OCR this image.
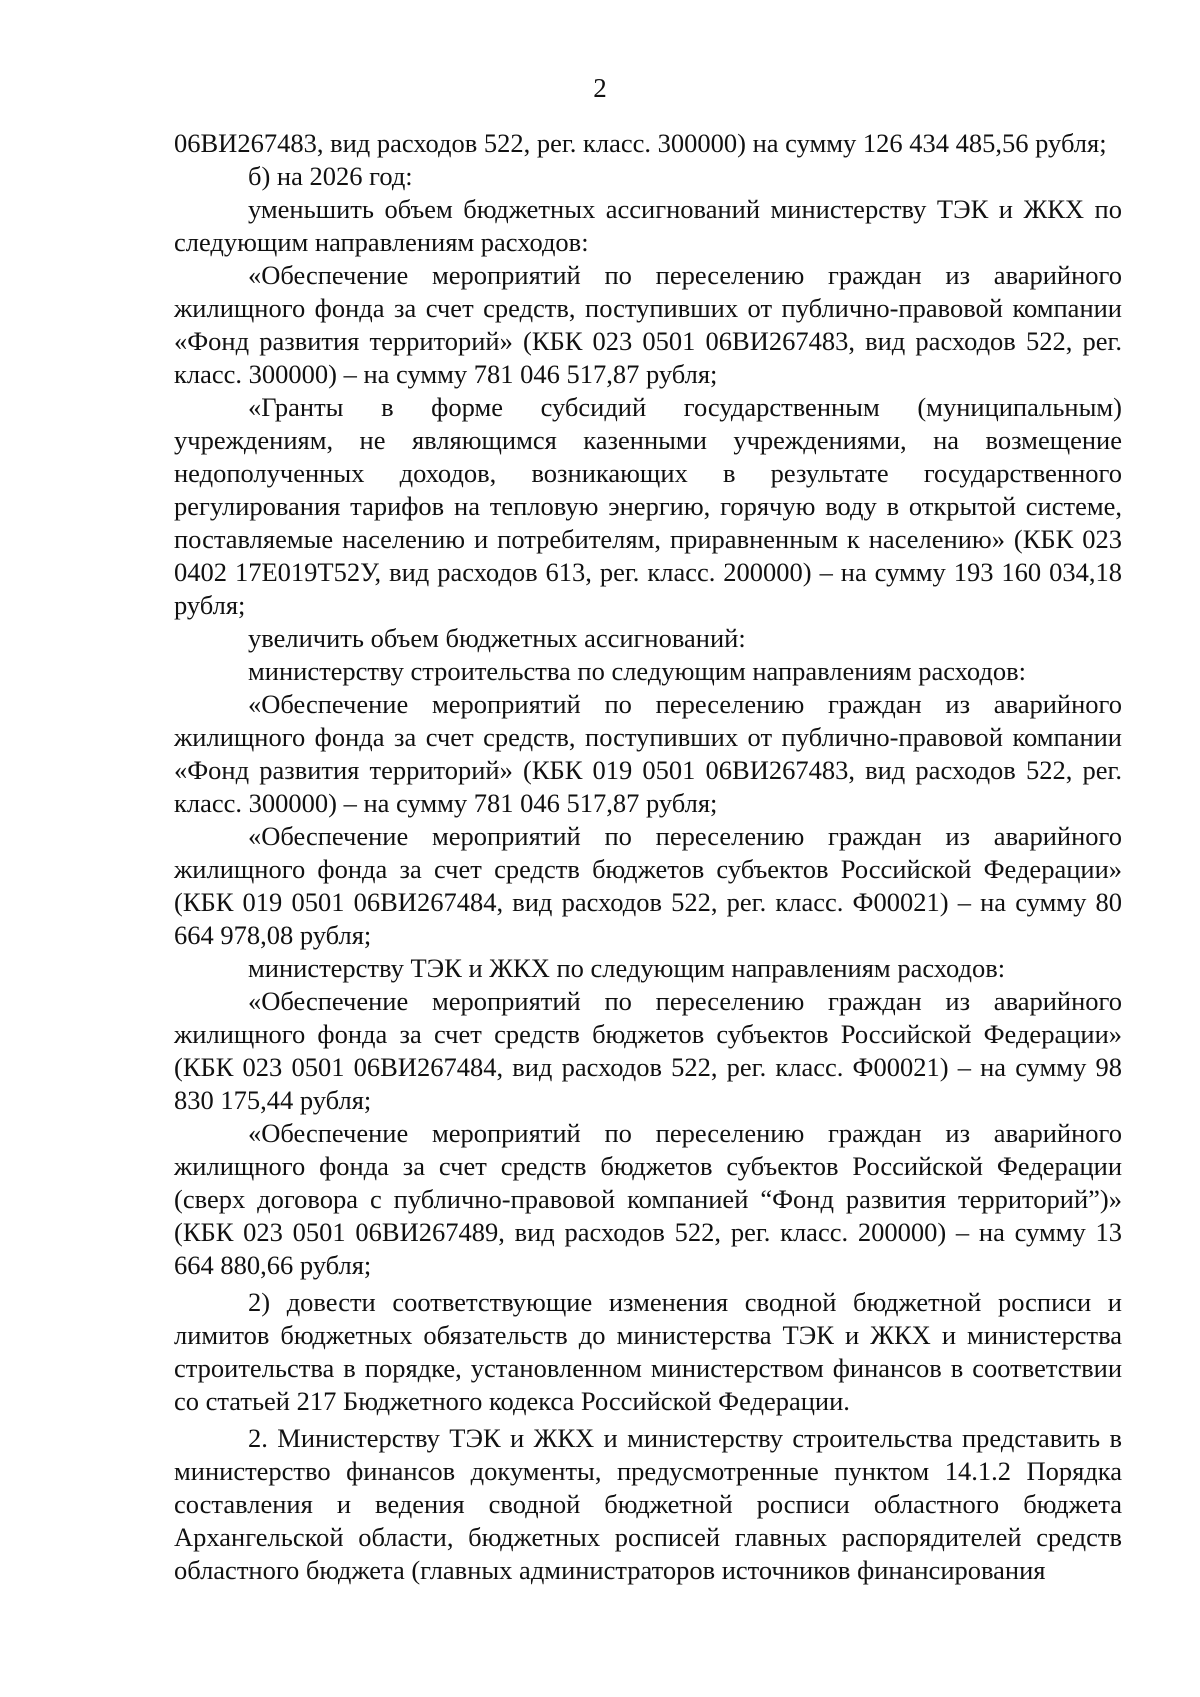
2

06ВИ267483, вид расходов 522, рег. класс. 300000) на сумму 126 434 485,56 рубля;

б) на 2026 год:

уменьшить объем бюджетных ассигнований министерству ТЭК и ЖКХ по следующим направлениям расходов:

«Обеспечение мероприятий по переселению граждан из аварийного жилищного фонда за счет средств, поступивших от публично-правовой компании «Фонд развития территорий» (КБК 023 0501 06ВИ267483, вид расходов 522, рег. класс. 300000) – на сумму 781 046 517,87 рубля;

«Гранты в форме субсидий государственным (муниципальным) учреждениям, не являющимся казенными учреждениями, на возмещение недополученных доходов, возникающих в результате государственного регулирования тарифов на тепловую энергию, горячую воду в открытой системе, поставляемые населению и потребителям, приравненным к населению» (КБК 023 0402 17Е019Т52У, вид расходов 613, рег. класс. 200000) – на сумму 193 160 034,18 рубля;

увеличить объем бюджетных ассигнований:

министерству строительства по следующим направлениям расходов:

«Обеспечение мероприятий по переселению граждан из аварийного жилищного фонда за счет средств, поступивших от публично-правовой компании «Фонд развития территорий» (КБК 019 0501 06ВИ267483, вид расходов 522, рег. класс. 300000) – на сумму 781 046 517,87 рубля;

«Обеспечение мероприятий по переселению граждан из аварийного жилищного фонда за счет средств бюджетов субъектов Российской Федерации» (КБК 019 0501 06ВИ267484, вид расходов 522, рег. класс. Ф00021) – на сумму 80 664 978,08 рубля;

министерству ТЭК и ЖКХ по следующим направлениям расходов:

«Обеспечение мероприятий по переселению граждан из аварийного жилищного фонда за счет средств бюджетов субъектов Российской Федерации» (КБК 023 0501 06ВИ267484, вид расходов 522, рег. класс. Ф00021) – на сумму 98 830 175,44 рубля;

«Обеспечение мероприятий по переселению граждан из аварийного жилищного фонда за счет средств бюджетов субъектов Российской Федерации (сверх договора с публично-правовой компанией “Фонд развития территорий”)» (КБК 023 0501 06ВИ267489, вид расходов 522, рег. класс. 200000) – на сумму 13 664 880,66 рубля;

2) довести соответствующие изменения сводной бюджетной росписи и лимитов бюджетных обязательств до министерства ТЭК и ЖКХ и министерства строительства в порядке, установленном министерством финансов в соответствии со статьей 217 Бюджетного кодекса Российской Федерации.

2. Министерству ТЭК и ЖКХ и министерству строительства представить в министерство финансов документы, предусмотренные пунктом 14.1.2 Порядка составления и ведения сводной бюджетной росписи областного бюджета Архангельской области, бюджетных росписей главных распорядителей средств областного бюджета (главных администраторов источников финансирования
